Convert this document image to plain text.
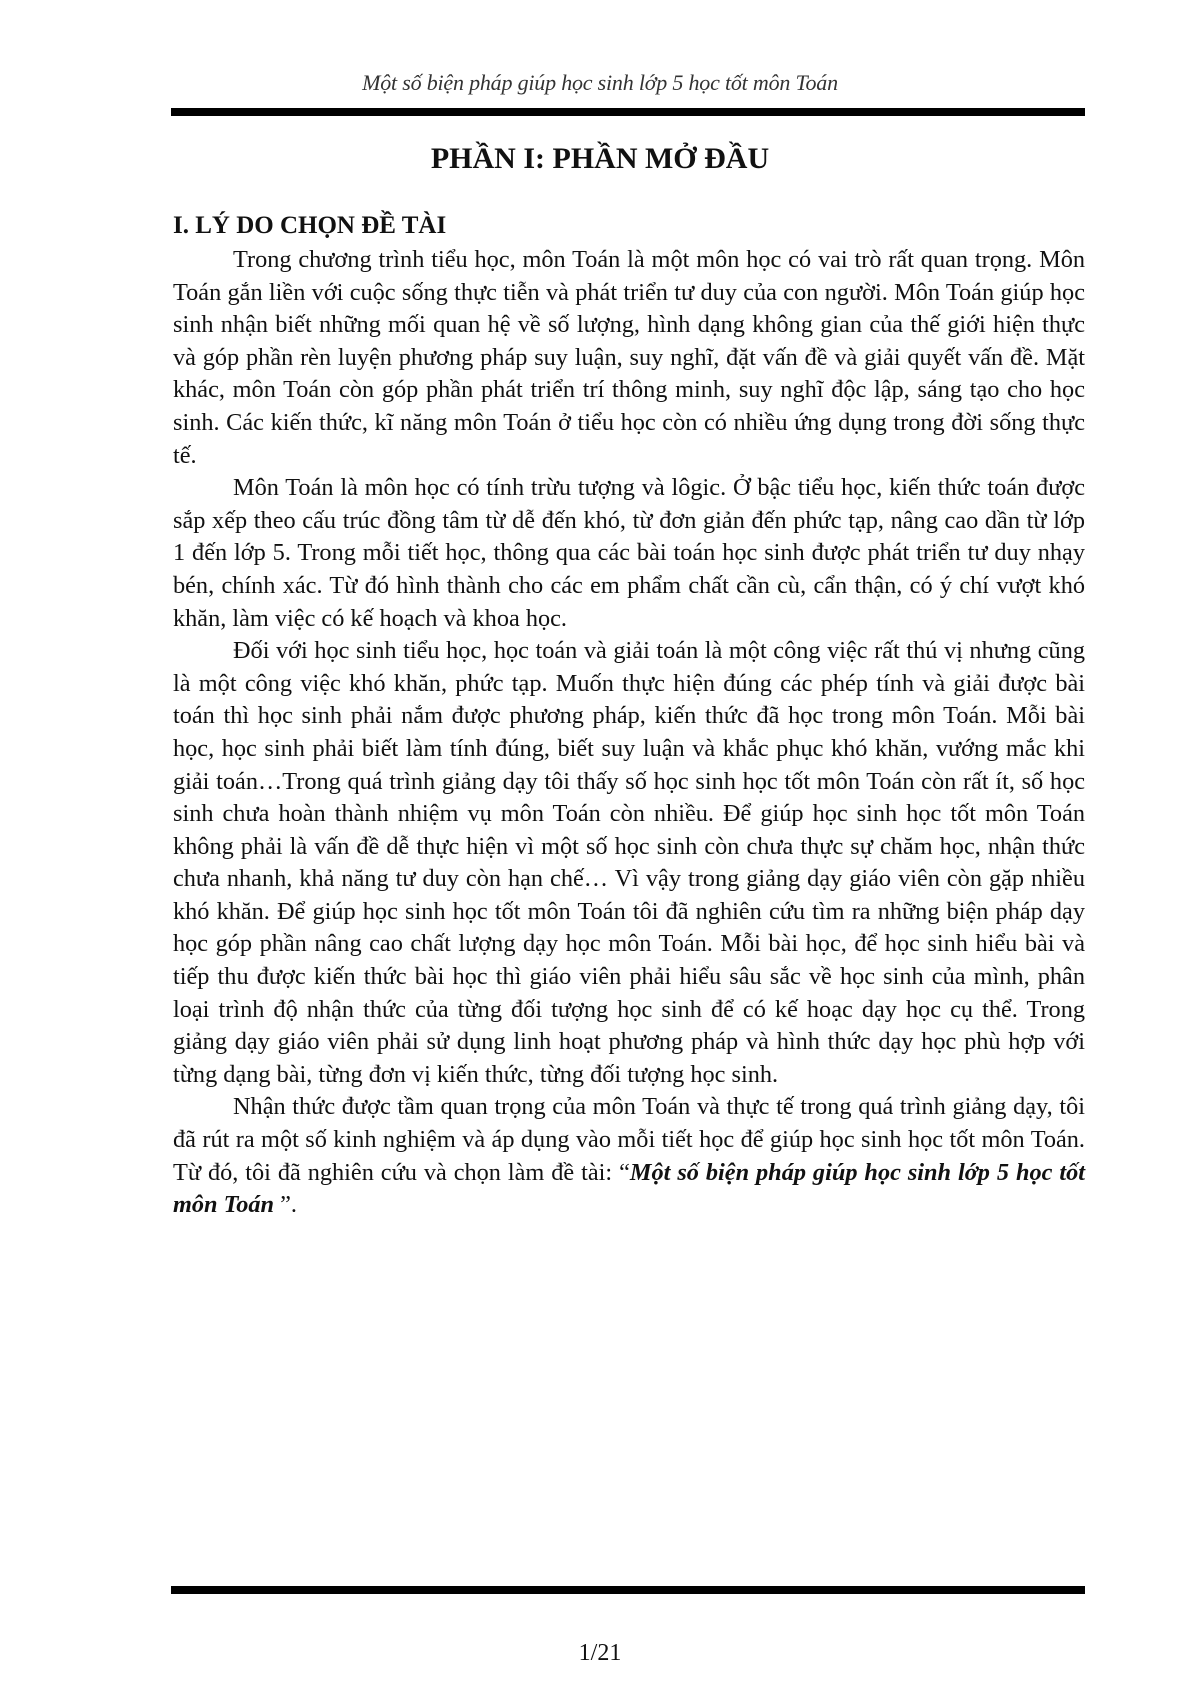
Một số biện pháp giúp học sinh lớp 5 học tốt môn Toán
PHẦN I: PHẦN MỞ ĐẦU
I. LÝ DO CHỌN ĐỀ TÀI

Trong chương trình tiểu học, môn Toán là một môn học có vai trò rất quan trọng. Môn Toán gắn liền với cuộc sống thực tiễn và phát triển tư duy của con người. Môn Toán giúp học sinh nhận biết những mối quan hệ về số lượng, hình dạng không gian của thế giới hiện thực và góp phần rèn luyện phương pháp suy luận, suy nghĩ, đặt vấn đề và giải quyết vấn đề. Mặt khác, môn Toán còn góp phần phát triển trí thông minh, suy nghĩ độc lập, sáng tạo cho học sinh. Các kiến thức, kĩ năng môn Toán ở tiểu học còn có nhiều ứng dụng trong đời sống thực tế.

Môn Toán là môn học có tính trừu tượng và lôgic. Ở bậc tiểu học, kiến thức toán được sắp xếp theo cấu trúc đồng tâm từ dễ đến khó, từ đơn giản đến phức tạp, nâng cao dần từ lớp 1 đến lớp 5. Trong mỗi tiết học, thông qua các bài toán học sinh được phát triển tư duy nhạy bén, chính xác. Từ đó hình thành cho các em phẩm chất cần cù, cẩn thận, có ý chí vượt khó khăn, làm việc có kế hoạch và khoa học.

Đối với học sinh tiểu học, học toán và giải toán là một công việc rất thú vị nhưng cũng là một công việc khó khăn, phức tạp. Muốn thực hiện đúng các phép tính và giải được bài toán thì học sinh phải nắm được phương pháp, kiến thức đã học trong môn Toán. Mỗi bài học, học sinh phải biết làm tính đúng, biết suy luận và khắc phục khó khăn, vướng mắc khi giải toán…Trong quá trình giảng dạy tôi thấy số học sinh học tốt môn Toán còn rất ít, số học sinh chưa hoàn thành nhiệm vụ môn Toán còn nhiều. Để giúp học sinh học tốt môn Toán không phải là vấn đề dễ thực hiện vì một số học sinh còn chưa thực sự chăm học, nhận thức chưa nhanh, khả năng tư duy còn hạn chế… Vì vậy trong giảng dạy giáo viên còn gặp nhiều khó khăn. Để giúp học sinh học tốt môn Toán tôi đã nghiên cứu tìm ra những biện pháp dạy học góp phần nâng cao chất lượng dạy học môn Toán. Mỗi bài học, để học sinh hiểu bài và tiếp thu được kiến thức bài học thì giáo viên phải hiểu sâu sắc về học sinh của mình, phân loại trình độ nhận thức của từng đối tượng học sinh để có kế hoạc dạy học cụ thể. Trong giảng dạy giáo viên phải sử dụng linh hoạt phương pháp và hình thức dạy học phù hợp với từng dạng bài, từng đơn vị kiến thức, từng đối tượng học sinh.

Nhận thức được tầm quan trọng của môn Toán và thực tế trong quá trình giảng dạy, tôi đã rút ra một số kinh nghiệm và áp dụng vào mỗi tiết học để giúp học sinh học tốt môn Toán. Từ đó, tôi đã nghiên cứu và chọn làm đề tài: “Một số biện pháp giúp học sinh lớp 5 học tốt môn Toán ”.

1/21
